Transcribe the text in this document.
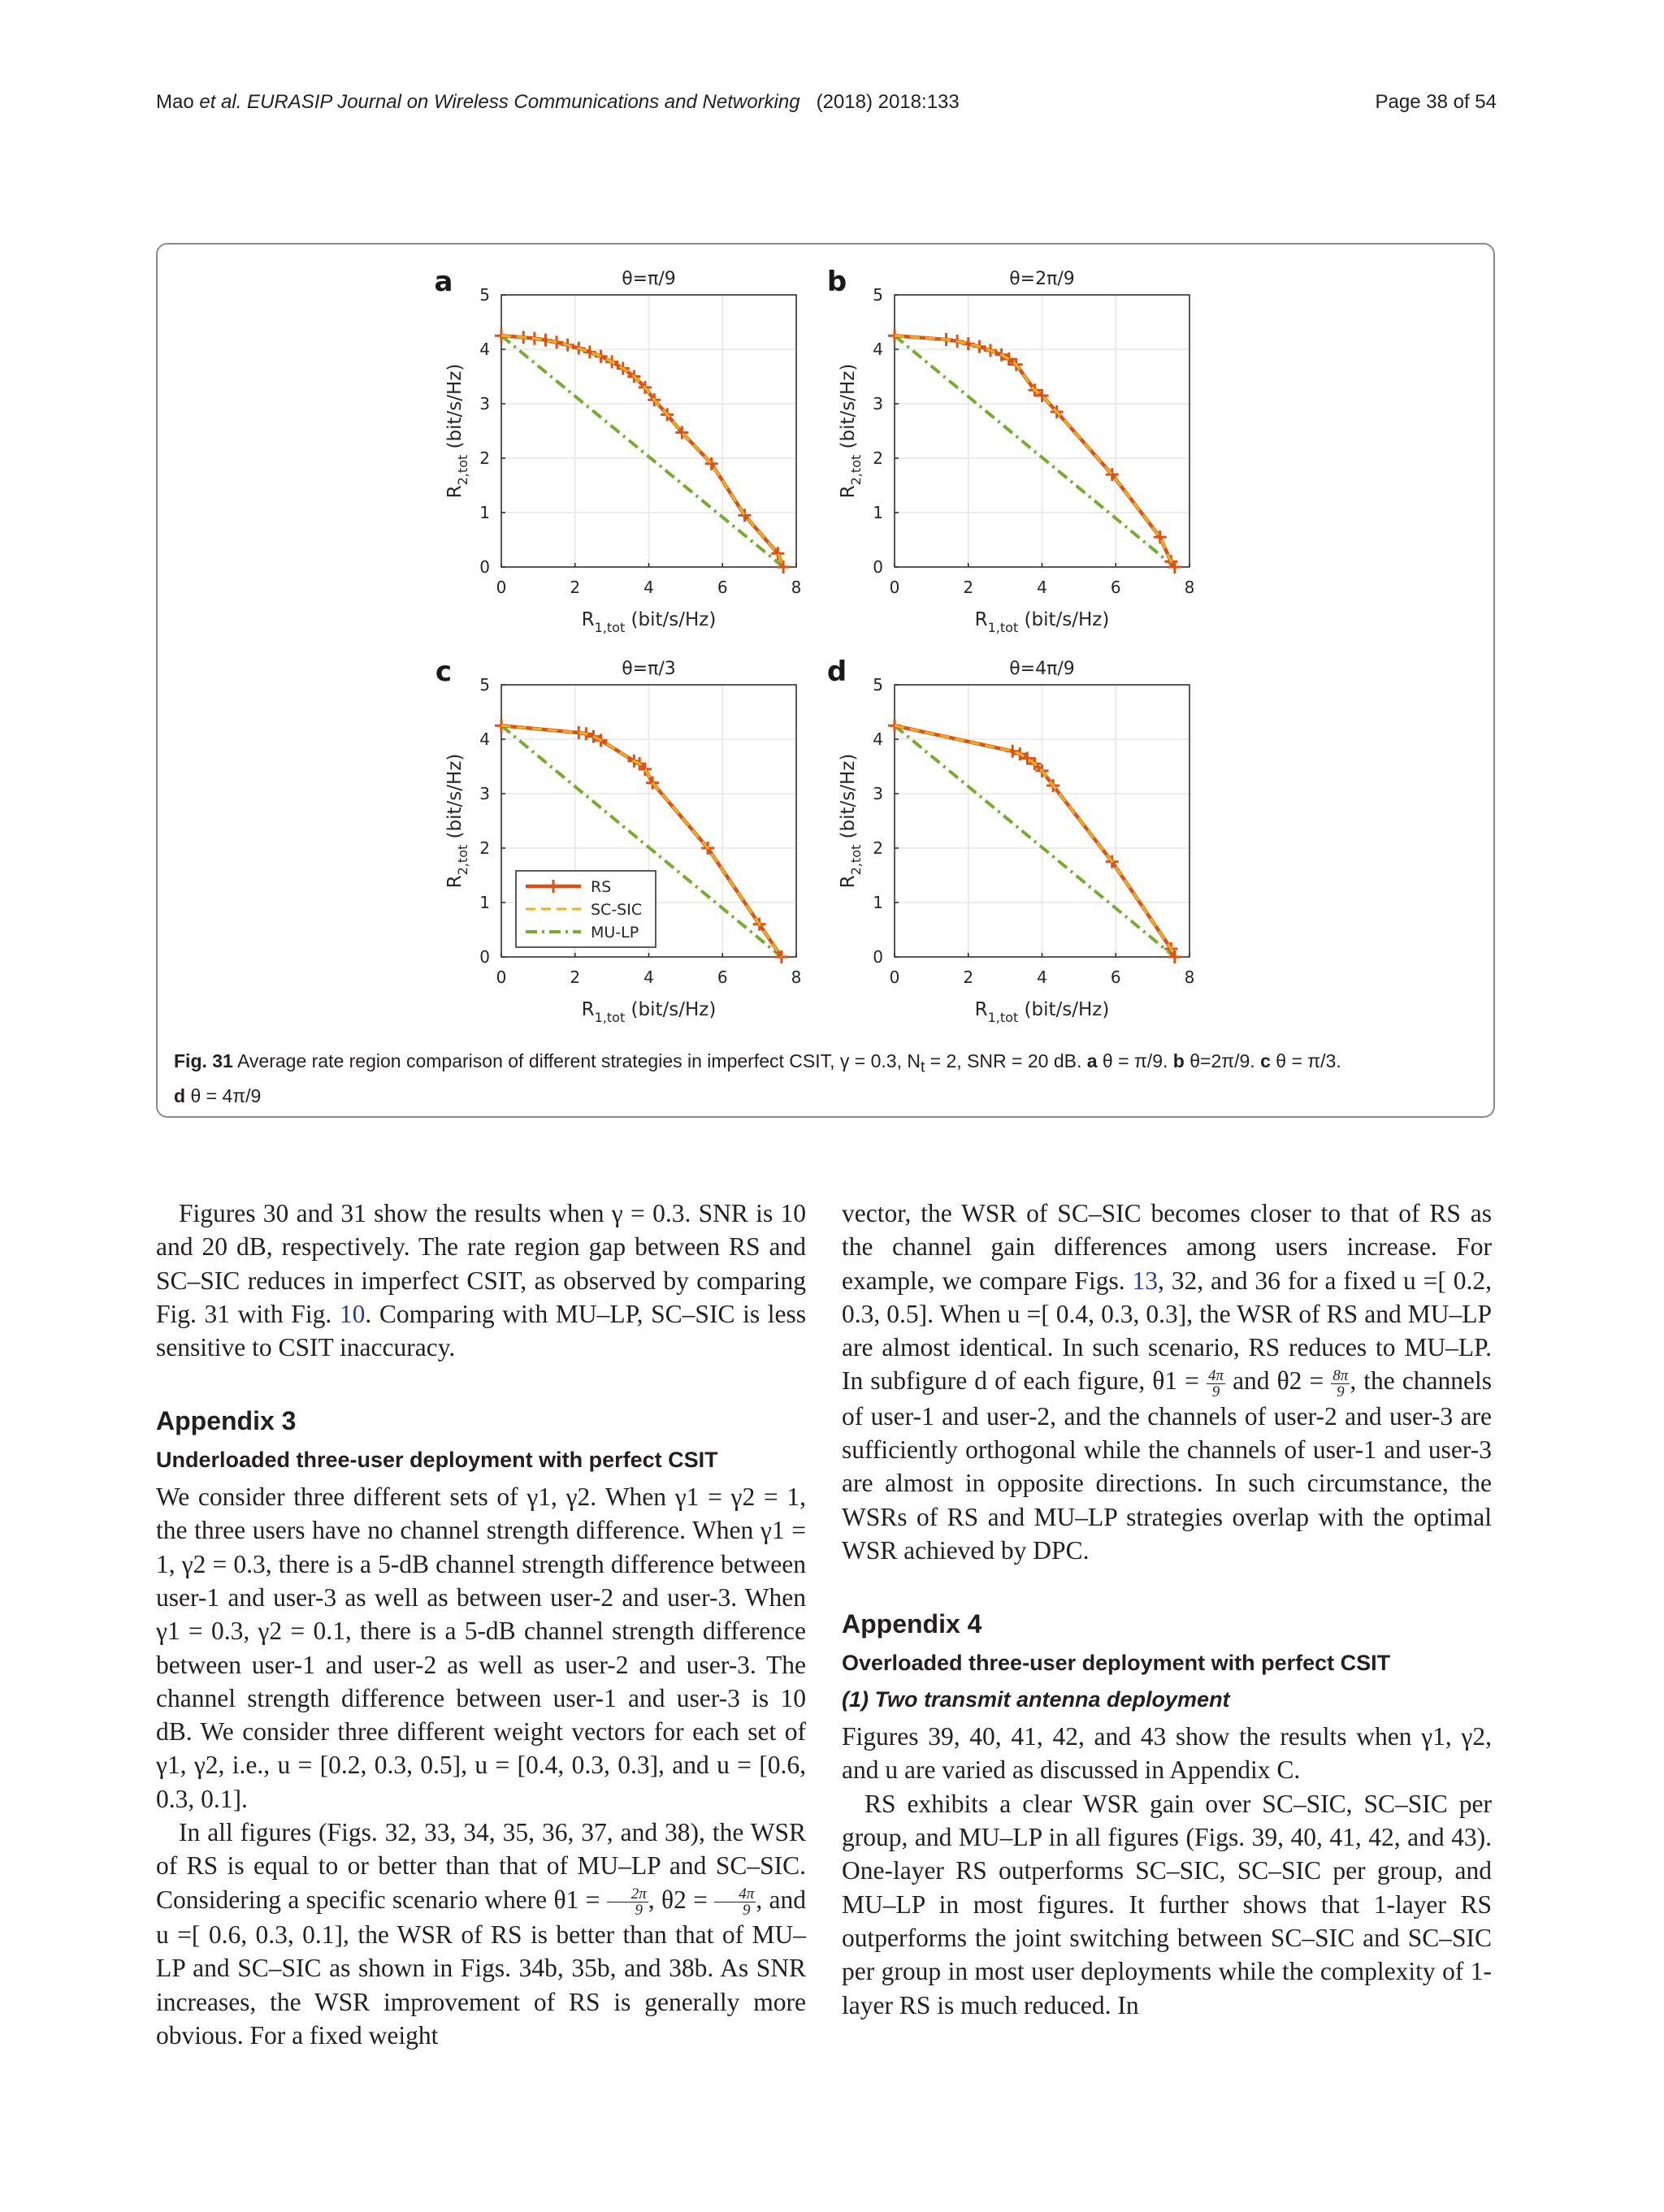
Mao et al. EURASIP Journal on Wireless Communications and Networking (2018) 2018:133	Page 38 of 54
0	2	4	6	8
0
1
2
3
4
5
θ=π/9
a
$R_{1,tot}$ (bit/s/Hz)
$R_{2,tot}$ (bit/s/Hz)
0	2	4	6	8
0
1
2
3
4
5
θ=2π/9
b
$R_{1,tot}$ (bit/s/Hz)
$R_{2,tot}$ (bit/s/Hz)
0	2	4	6	8
0
1
2
3
4
5
θ=π/3
c
$R_{1,tot}$ (bit/s/Hz)
$R_{2,tot}$ (bit/s/Hz)
RS
SC-SIC
MU-LP
0	2	4	6	8
0
1
2
3
4
5
θ=4π/9
d
$R_{1,tot}$ (bit/s/Hz)
$R_{2,tot}$ (bit/s/Hz)
Fig. 31 Average rate region comparison of different strategies in imperfect CSIT, γ = 0.3, $N_t = 2$, SNR = 20 dB. a θ = π/9. b θ=2π/9. c θ = π/3.
d θ = 4π/9

Figures 30 and 31 show the results when γ = 0.3. SNR is 10 and 20 dB, respectively. The rate region gap between RS and SC–SIC reduces in imperfect CSIT, as observed by comparing Fig. 31 with Fig. 10. Comparing with MU–LP, SC–SIC is less sensitive to CSIT inaccuracy.

Appendix 3
Underloaded three-user deployment with perfect CSIT

We consider three different sets of γ1, γ2. When γ1 = γ2 = 1, the three users have no channel strength difference. When γ1 = 1, γ2 = 0.3, there is a 5-dB channel strength difference between user-1 and user-3 as well as between user-2 and user-3. When γ1 = 0.3, γ2 = 0.1, there is a 5-dB channel strength difference between user-1 and user-2 as well as user-2 and user-3. The channel strength difference between user-1 and user-3 is 10 dB. We consider three different weight vectors for each set of γ1, γ2, i.e., u = [0.2, 0.3, 0.5], u = [0.4, 0.3, 0.3], and u = [0.6, 0.3, 0.1].

In all figures (Figs. 32, 33, 34, 35, 36, 37, and 38), the WSR of RS is equal to or better than that of MU–LP and SC–SIC. Considering a specific scenario where $\theta 1 = \frac{2\pi}{9}$ , $\theta 2 = \frac{4\pi}{9}$ , and u =[ 0.6, 0.3, 0.1], the WSR of RS is better than that of MU–LP and SC–SIC as shown in Figs. 34b, 35b, and 38b. As SNR increases, the WSR improvement of RS is generally more obvious. For a fixed weight

vector, the WSR of SC–SIC becomes closer to that of RS as the channel gain differences among users increase. For example, we compare Figs. 13, 32, and 36 for a fixed u =[ 0.2, 0.3, 0.5]. When u =[ 0.4, 0.3, 0.3], the WSR of RS and MU–LP are almost identical. In such scenario, RS reduces to MU–LP. In subfigure d of each figure, $\theta 1 = \frac{4\pi}{9}$ and $\theta 2 = \frac{8\pi}{9}$ , the channels of user-1 and user-2, and the channels of user-2 and user-3 are sufficiently orthogonal while the channels of user-1 and user-3 are almost in opposite directions. In such circumstance, the WSRs of RS and MU–LP strategies overlap with the optimal WSR achieved by DPC.

Appendix 4
Overloaded three-user deployment with perfect CSIT
(1) Two transmit antenna deployment

Figures 39, 40, 41, 42, and 43 show the results when γ1, γ2, and u are varied as discussed in Appendix C.

RS exhibits a clear WSR gain over SC–SIC, SC–SIC per group, and MU–LP in all figures (Figs. 39, 40, 41, 42, and 43). One-layer RS outperforms SC–SIC, SC–SIC per group, and MU–LP in most figures. It further shows that 1-layer RS outperforms the joint switching between SC–SIC and SC–SIC per group in most user deployments while the complexity of 1-layer RS is much reduced. In
